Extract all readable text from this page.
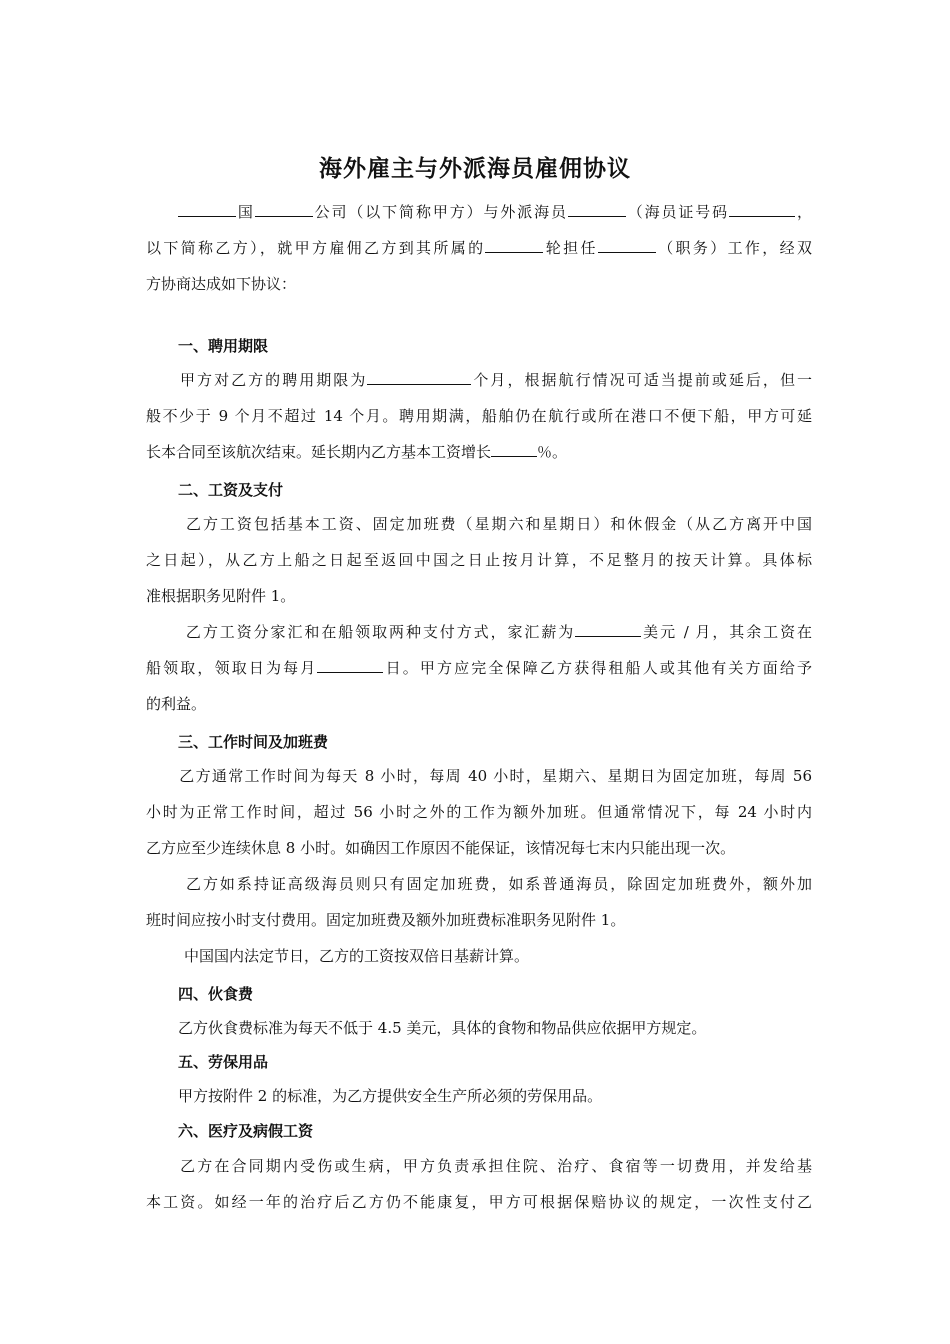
海外雇主与外派海员雇佣协议
国	公司（以下简称甲方）与外派海员	（海员证号码	，
以下简称乙方），就甲方雇佣乙方到其所属的	轮担任	（职务）工作，经双
方协商达成如下协议：
一、聘用期限
甲方对乙方的聘用期限为	个月，根据航行情况可适当提前或延后，但一
般不少于 9 个月不超过 14 个月。聘用期满，船舶仍在航行或所在港口不便下船，甲方可延
长本合同至该航次结束。延长期内乙方基本工资增长	％。
二、工资及支付
乙方工资包括基本工资、固定加班费（星期六和星期日）和休假金（从乙方离开中国
之日起），从乙方上船之日起至返回中国之日止按月计算，不足整月的按天计算。具体标
准根据职务见附件 1。
乙方工资分家汇和在船领取两种支付方式，家汇薪为	美元 / 月，其余工资在
船领取，领取日为每月	日。甲方应完全保障乙方获得租船人或其他有关方面给予
的利益。
三、工作时间及加班费
乙方通常工作时间为每天 8 小时，每周 40 小时，星期六、星期日为固定加班，每周 56
小时为正常工作时间，超过 56 小时之外的工作为额外加班。但通常情况下，每 24 小时内
乙方应至少连续休息 8 小时。如确因工作原因不能保证，该情况每七末内只能出现一次。
乙方如系持证高级海员则只有固定加班费，如系普通海员，除固定加班费外，额外加
班时间应按小时支付费用。固定加班费及额外加班费标准职务见附件 1。
中国国内法定节日，乙方的工资按双倍日基薪计算。
四、伙食费
乙方伙食费标准为每天不低于 4.5 美元，具体的食物和物品供应依据甲方规定。
五、劳保用品
甲方按附件 2 的标准，为乙方提供安全生产所必须的劳保用品。
六、医疗及病假工资
乙方在合同期内受伤或生病，甲方负责承担住院、治疗、食宿等一切费用，并发给基
本工资。如经一年的治疗后乙方仍不能康复，甲方可根据保赔协议的规定，一次性支付乙
